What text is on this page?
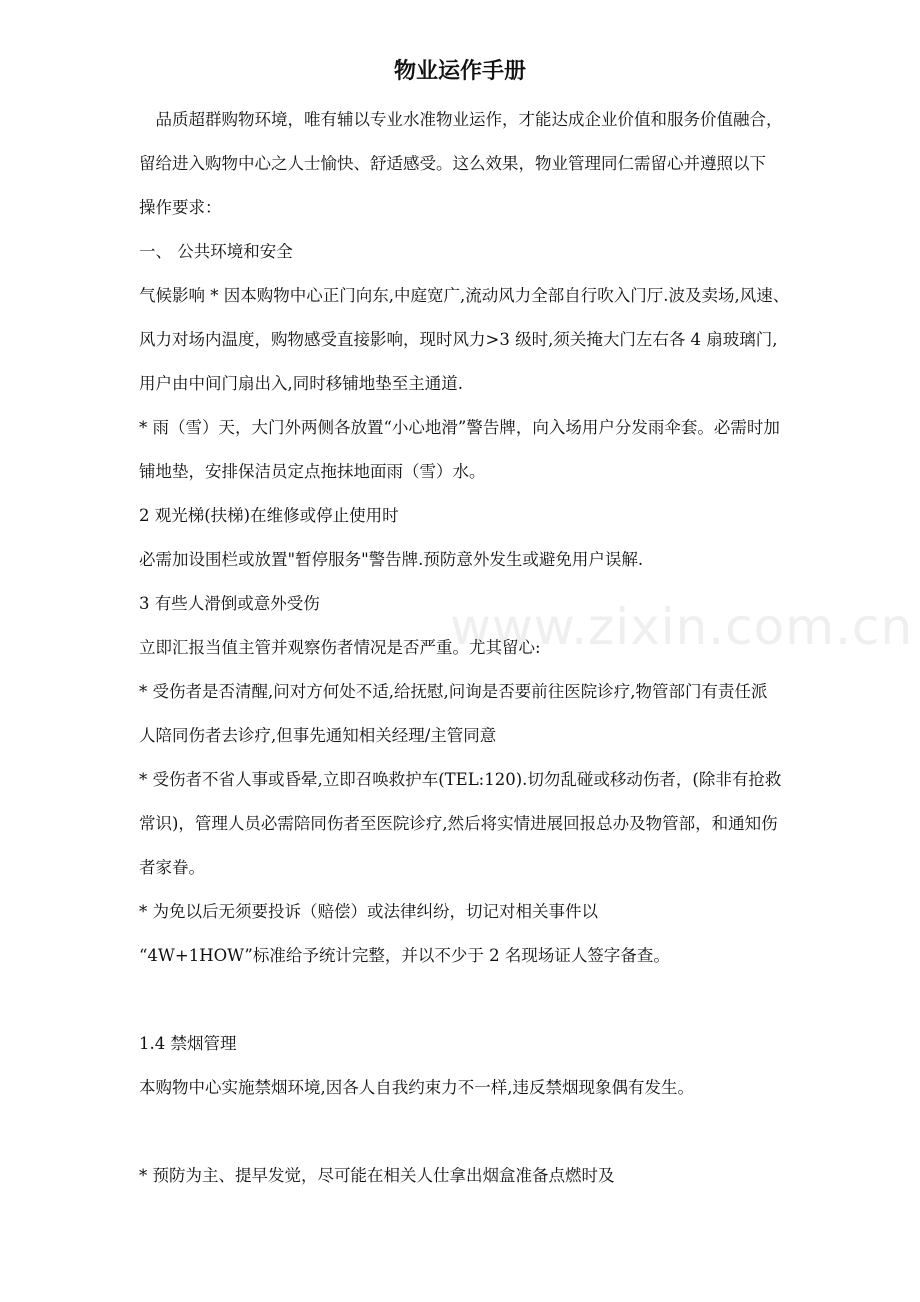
www.zixin.com.cn
物业运作手册
　品质超群购物环境，唯有辅以专业水准物业运作，才能达成企业价值和服务价值融合，
留给进入购物中心之人士愉快、舒适感受。这么效果，物业管理同仁需留心并遵照以下
操作要求：
一、 公共环境和安全
气候影响 * 因本购物中心正门向东,中庭宽广,流动风力全部自行吹入门厅.波及卖场,风速、
风力对场内温度，购物感受直接影响，现时风力>3 级时,须关掩大门左右各 4 扇玻璃门,
用户由中间门扇出入,同时移铺地垫至主通道.
* 雨（雪）天，大门外两侧各放置“小心地滑”警告牌，向入场用户分发雨伞套。必需时加
铺地垫，安排保洁员定点拖抹地面雨（雪）水。
2 观光梯(扶梯)在维修或停止使用时
必需加设围栏或放置"暂停服务"警告牌.预防意外发生或避免用户误解.
3 有些人滑倒或意外受伤
立即汇报当值主管并观察伤者情况是否严重。尤其留心:
* 受伤者是否清醒,问对方何处不适,给抚慰,问询是否要前往医院诊疗,物管部门有责任派
人陪同伤者去诊疗,但事先通知相关经理/主管同意
* 受伤者不省人事或昏晕,立即召唤救护车(TEL:120).切勿乱碰或移动伤者，(除非有抢救
常识)，管理人员必需陪同伤者至医院诊疗,然后将实情进展回报总办及物管部，和通知伤
者家眷。
* 为免以后无须要投诉（赔偿）或法律纠纷，切记对相关事件以
“4W+1HOW”标准给予统计完整，并以不少于 2 名现场证人签字备查。
1.4 禁烟管理
本购物中心实施禁烟环境,因各人自我约束力不一样,违反禁烟现象偶有发生。
* 预防为主、提早发觉，尽可能在相关人仕拿出烟盒准备点燃时及
